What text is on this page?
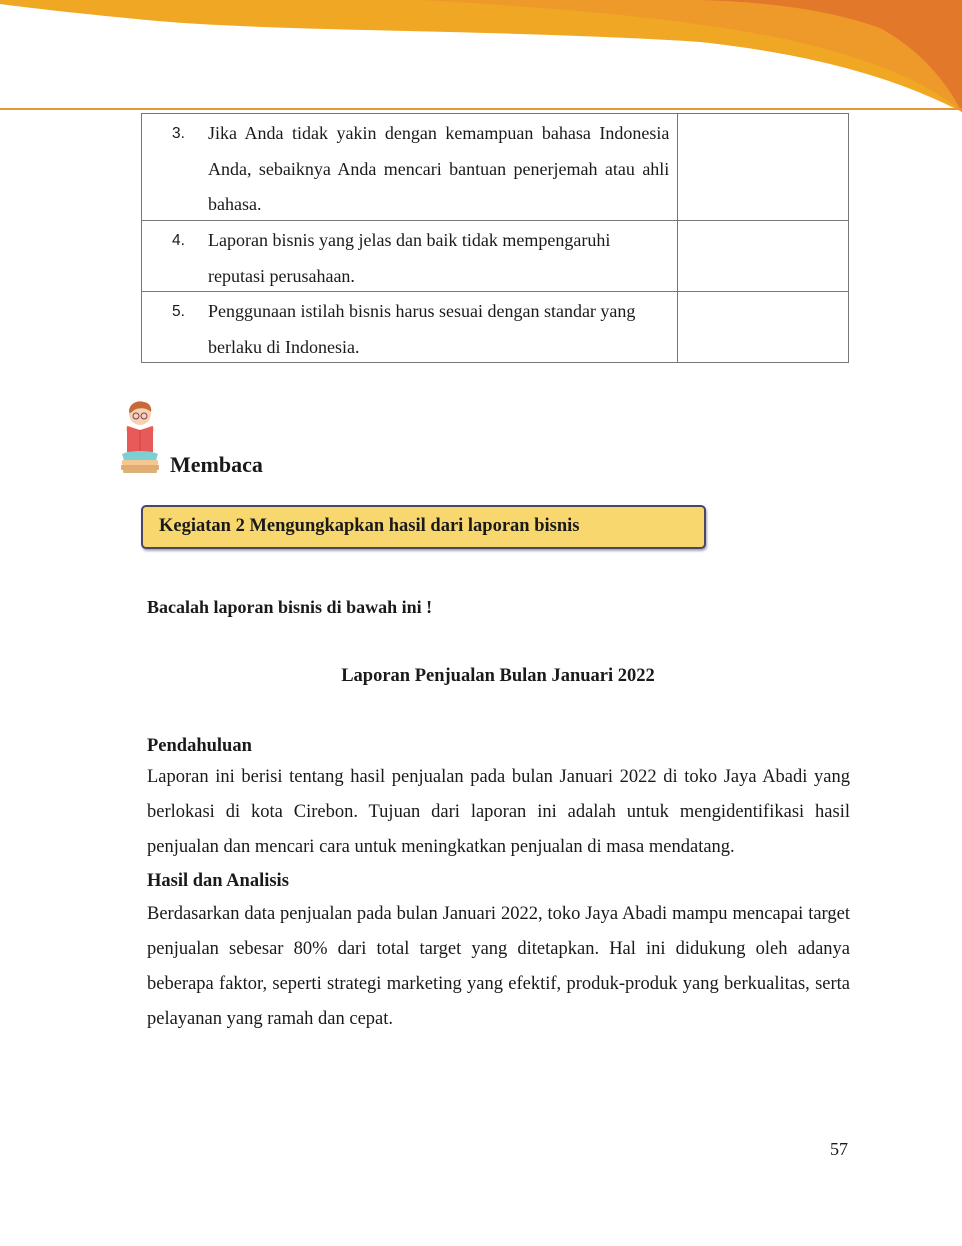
3. Jika Anda tidak yakin dengan kemampuan bahasa Indonesia Anda, sebaiknya Anda mencari bantuan penerjemah atau ahli bahasa.	

4. Laporan bisnis yang jelas dan baik tidak mempengaruhi reputasi perusahaan.	

5. Penggunaan istilah bisnis harus sesuai dengan standar yang berlaku di Indonesia.	

Membaca
Kegiatan 2 Mengungkapkan hasil dari laporan bisnis
Bacalah laporan bisnis di bawah ini !
Laporan Penjualan Bulan Januari 2022
Pendahuluan

Laporan ini berisi tentang hasil penjualan pada bulan Januari 2022 di toko Jaya Abadi yang berlokasi di kota Cirebon. Tujuan dari laporan ini adalah untuk mengidentifikasi hasil penjualan dan mencari cara untuk meningkatkan penjualan di masa mendatang.

Hasil dan Analisis

Berdasarkan data penjualan pada bulan Januari 2022, toko Jaya Abadi mampu mencapai target penjualan sebesar 80% dari total target yang ditetapkan. Hal ini didukung oleh adanya beberapa faktor, seperti strategi marketing yang efektif, produk-produk yang berkualitas, serta pelayanan yang ramah dan cepat.

57
